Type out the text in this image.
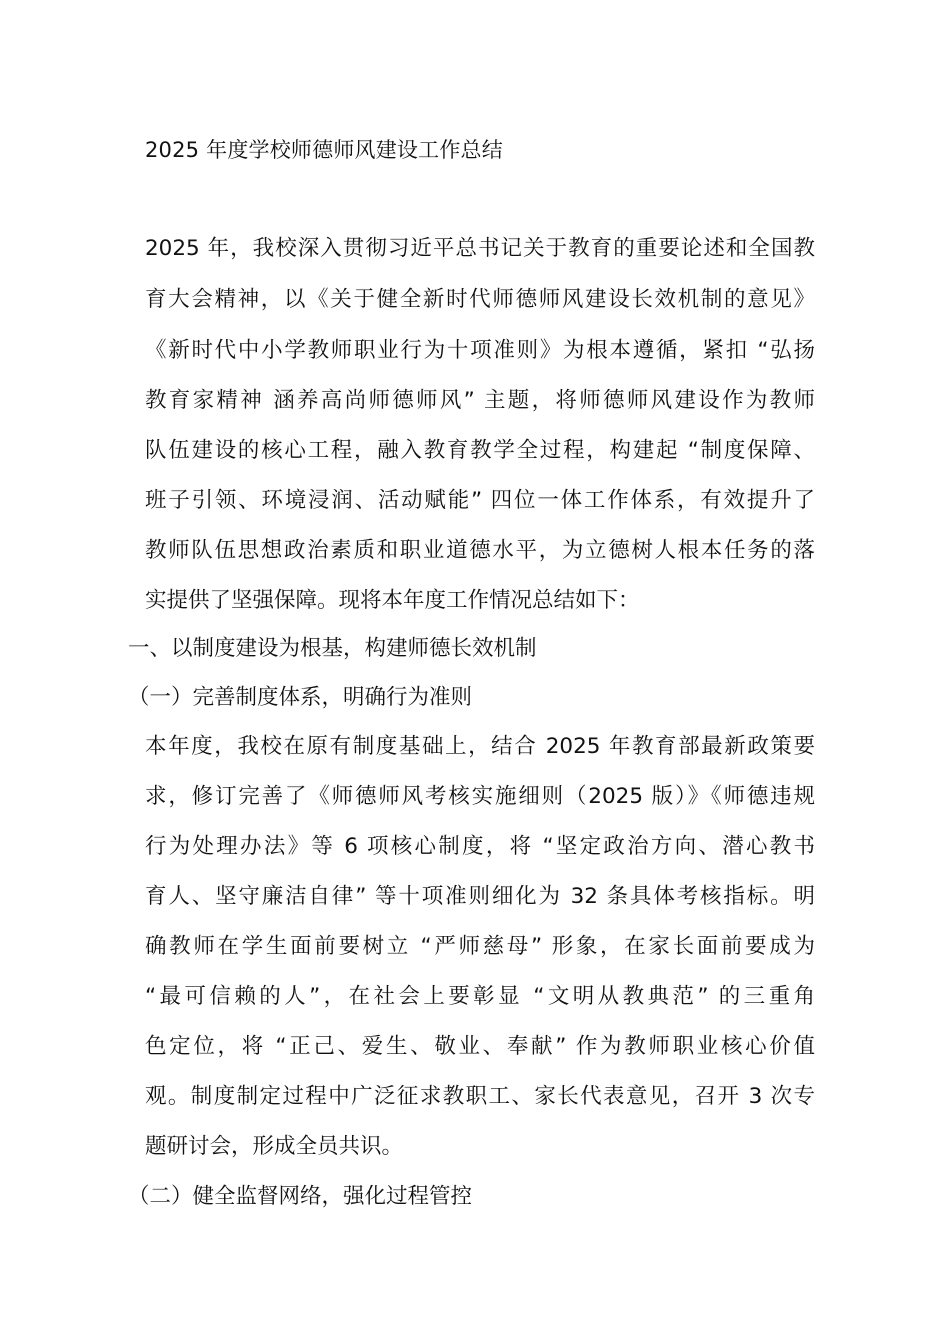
2025 年度学校师德师风建设工作总结
2025 年，我校深入贯彻习近平总书记关于教育的重要论述和全国教
育大会精神，以《关于健全新时代师德师风建设长效机制的意见》
《新时代中小学教师职业行为十项准则》为根本遵循，紧扣 “弘扬
教育家精神 涵养高尚师德师风” 主题，将师德师风建设作为教师
队伍建设的核心工程，融入教育教学全过程，构建起 “制度保障、
班子引领、环境浸润、活动赋能” 四位一体工作体系，有效提升了
教师队伍思想政治素质和职业道德水平，为立德树人根本任务的落
实提供了坚强保障。现将本年度工作情况总结如下：
一、以制度建设为根基，构建师德长效机制
（一）完善制度体系，明确行为准则
本年度，我校在原有制度基础上，结合 2025 年教育部最新政策要
求，修订完善了《师德师风考核实施细则（2025 版）》《师德违规
行为处理办法》等 6 项核心制度，将 “坚定政治方向、潜心教书
育人、坚守廉洁自律” 等十项准则细化为 32 条具体考核指标。明
确教师在学生面前要树立 “严师慈母” 形象，在家长面前要成为
“最可信赖的人”，在社会上要彰显 “文明从教典范” 的三重角
色定位，将 “正己、爱生、敬业、奉献” 作为教师职业核心价值
观。制度制定过程中广泛征求教职工、家长代表意见，召开 3 次专
题研讨会，形成全员共识。
（二）健全监督网络，强化过程管控
